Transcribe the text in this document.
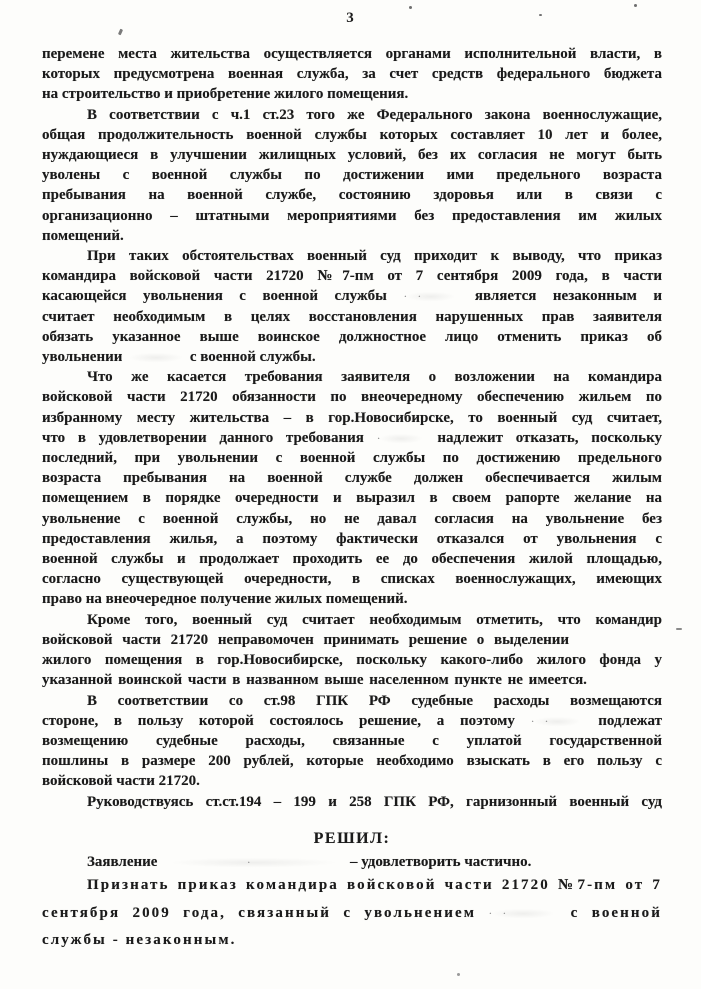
3
перемене места жительства осуществляется органами исполнительной власти, в
которых предусмотрена военная служба, за счет средств федерального бюджета
на строительство и приобретение жилого помещения.
В соответствии с ч.1 ст.23 того же Федерального закона военнослужащие,
общая продолжительность военной службы которых составляет 10 лет и более,
нуждающиеся в улучшении жилищных условий, без их согласия не могут быть
уволены с военной службы по достижении ими предельного возраста
пребывания на военной службе, состоянию здоровья или в связи с
организационно – штатными мероприятиями без предоставления им жилых
помещений.
При таких обстоятельствах военный суд приходит к выводу, что приказ
командира войсковой части 21720 №7-пм от 7 сентября 2009 года, в части
касающейся увольнения с военной службы ··	является незаконным и
считает необходимым в целях восстановления нарушенных прав заявителя
обязать указанное выше воинское должностное лицо отменить приказ об
увольнении	с военной службы.
Что же касается требования заявителя о возложении на командира
войсковой части 21720 обязанности по внеочередному обеспечению жильем по
избранному месту жительства – в гор.Новосибирске, то военный суд считает,
что в удовлетворении данного требования ·	надлежит отказать, поскольку
последний, при увольнении с военной службы по достижению предельного
возраста пребывания на военной службе должен обеспечивается жилым
помещением в порядке очередности и выразил в своем рапорте желание на
увольнение с военной службы, но не давал согласия на увольнение без
предоставления жилья, а поэтому фактически отказался от увольнения с
военной службы и продолжает проходить ее до обеспечения жилой площадью,
согласно существующей очередности, в списках военнослужащих, имеющих
право на внеочередное получение жилых помещений.
Кроме того, военный суд считает необходимым отметить, что командир
войсковой части 21720 неправомочен принимать решение о выделении
жилого помещения в гор.Новосибирске, поскольку какого-либо жилого фонда у
указанной воинской части в названном выше населенном пункте не имеется.
В соответствии со ст.98 ГПК РФ судебные расходы возмещаются
стороне, в пользу которой состоялось решение, а поэтому ··	подлежат
возмещению судебные расходы, связанные с уплатой государственной
пошлины в размере 200 рублей, которые необходимо взыскать в его пользу с
войсковой части 21720.
Руководствуясь ст.ст.194 – 199 и 258 ГПК РФ, гарнизонный военный суд
РЕШИЛ:
Заявление	·	– удовлетворить частично.
Признать приказ командира войсковой части 21720 №7-пм от 7
сентября 2009 года, связанный с увольнением ··	с военной
службы - незаконным.
